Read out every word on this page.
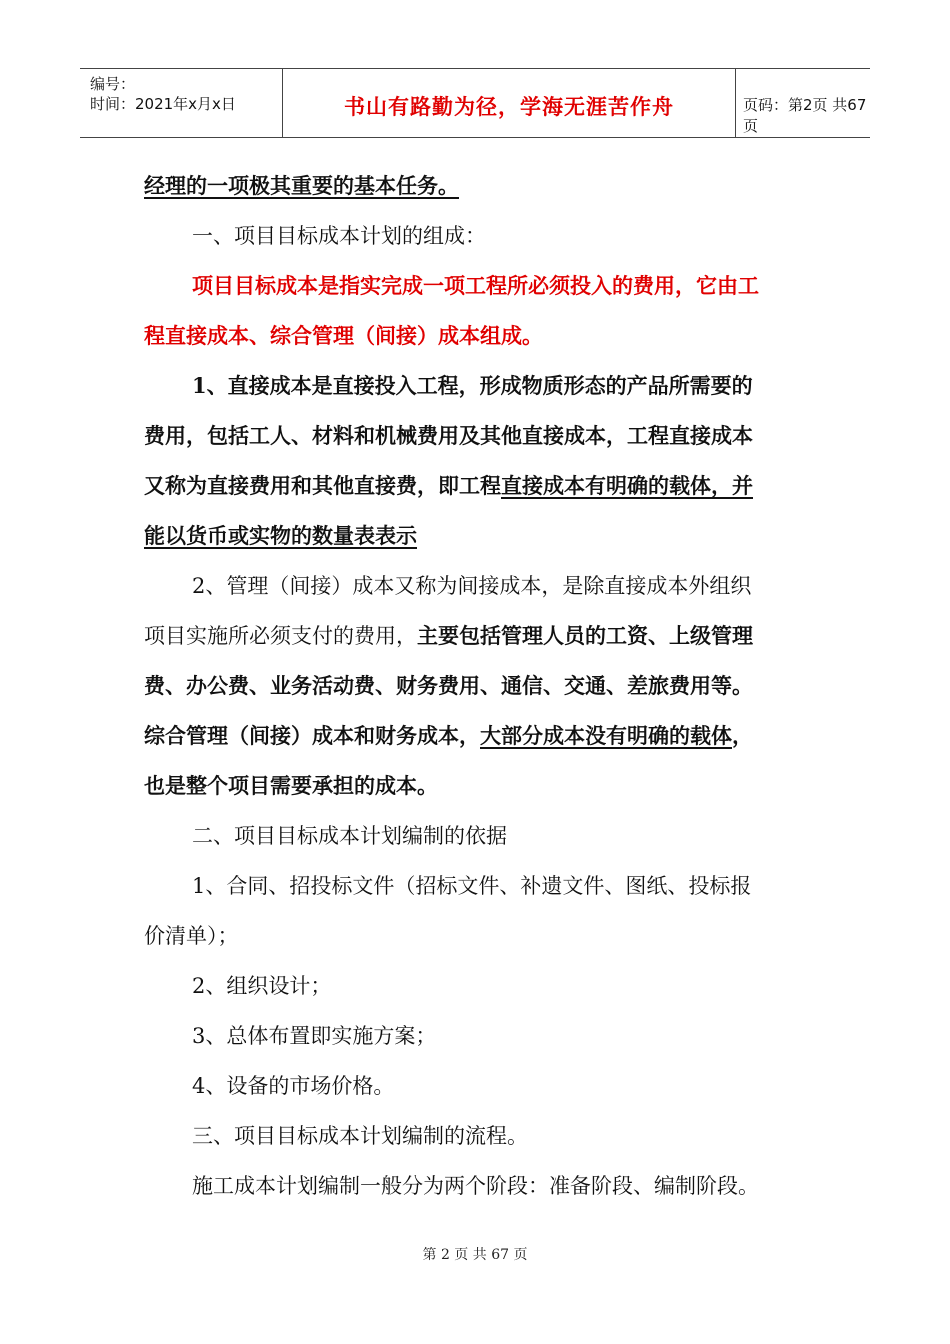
编号：
时间：2021年x月x日	书山有路勤为径，学海无涯苦作舟	页码：第2页 共67页
经理的一项极其重要的基本任务。
一、项目目标成本计划的组成：
项目目标成本是指实完成一项工程所必须投入的费用，它由工
程直接成本、综合管理（间接）成本组成。
1、直接成本是直接投入工程，形成物质形态的产品所需要的
费用，包括工人、材料和机械费用及其他直接成本，工程直接成本
又称为直接费用和其他直接费，即工程直接成本有明确的载体，并
能以货币或实物的数量表表示
2、管理（间接）成本又称为间接成本，是除直接成本外组织
项目实施所必须支付的费用，主要包括管理人员的工资、上级管理
费、办公费、业务活动费、财务费用、通信、交通、差旅费用等。
综合管理（间接）成本和财务成本，大部分成本没有明确的载体，
也是整个项目需要承担的成本。
二、项目目标成本计划编制的依据
1、合同、招投标文件（招标文件、补遗文件、图纸、投标报
价清单）；
2、组织设计；
3、总体布置即实施方案；
4、设备的市场价格。
三、项目目标成本计划编制的流程。
施工成本计划编制一般分为两个阶段：准备阶段、编制阶段。
第 2 页 共 67 页
